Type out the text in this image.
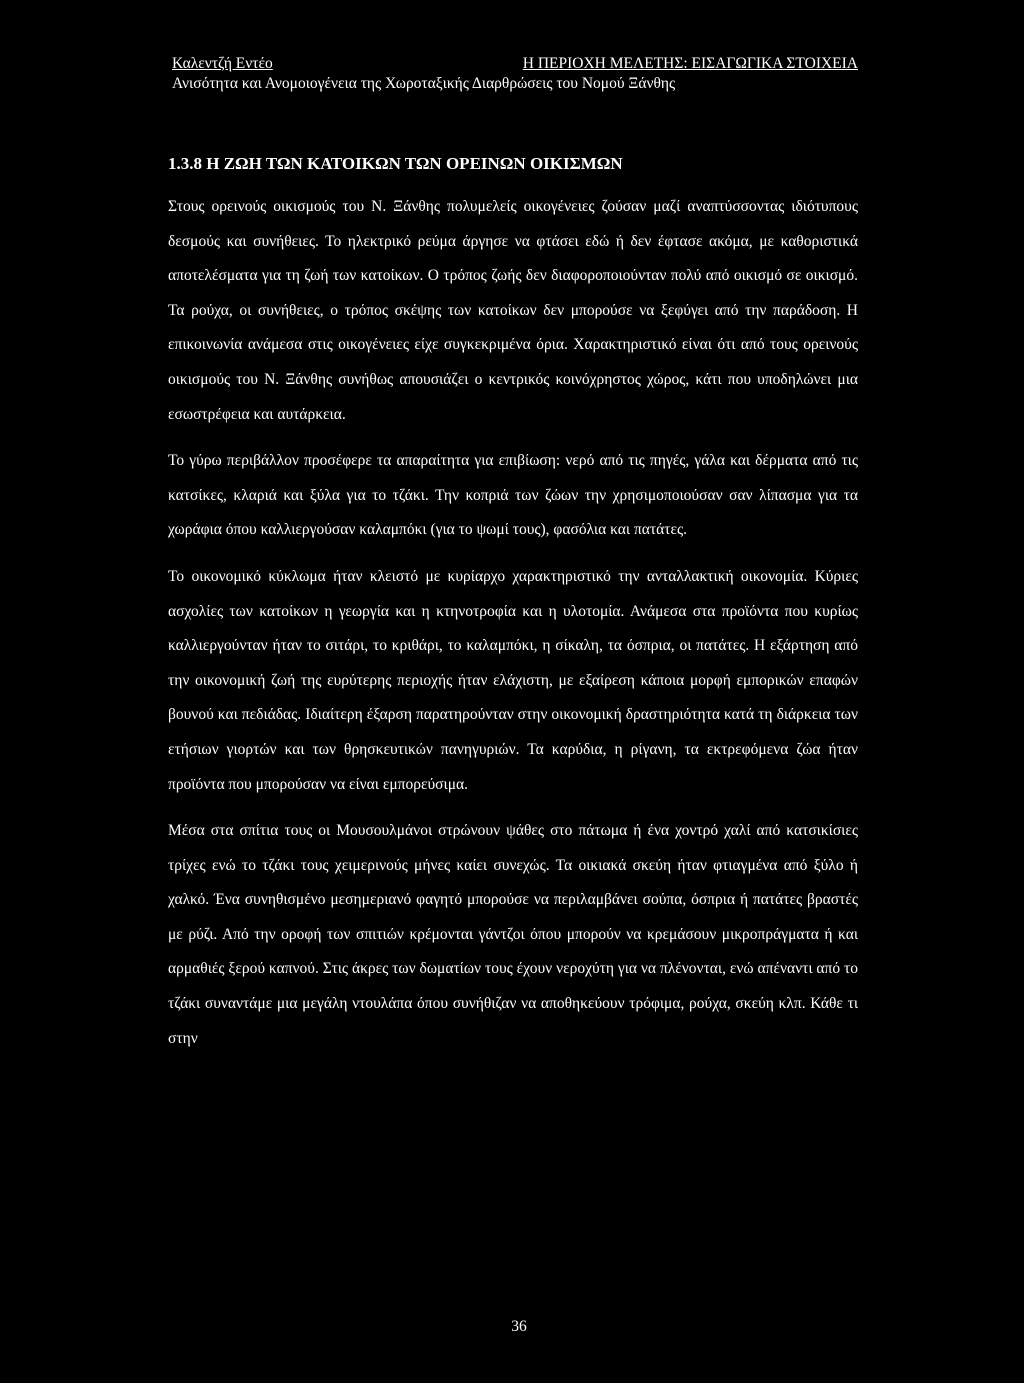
Καλεντζή Εντέο	Η ΠΕΡΙΟΧΗ ΜΕΛΕΤΗΣ: ΕΙΣΑΓΩΓΙΚΑ ΣΤΟΙΧΕΙΑ
Ανισότητα και Ανομοιογένεια της Χωροταξικής Διαρθρώσεις του Νομού Ξάνθης
1.3.8 Η ΖΩΗ ΤΩΝ ΚΑΤΟΙΚΩΝ ΤΩΝ ΟΡΕΙΝΩΝ ΟΙΚΙΣΜΩΝ

Στους ορεινούς οικισμούς του Ν. Ξάνθης πολυμελείς οικογένειες ζούσαν μαζί αναπτύσσοντας ιδιότυπους δεσμούς και συνήθειες. Το ηλεκτρικό ρεύμα άργησε να φτάσει εδώ ή δεν έφτασε ακόμα, με καθοριστικά αποτελέσματα για τη ζωή των κατοίκων. Ο τρόπος ζωής δεν διαφοροποιούνταν πολύ από οικισμό σε οικισμό. Τα ρούχα, οι συνήθειες, ο τρόπος σκέψης των κατοίκων δεν μπορούσε να ξεφύγει από την παράδοση. Η επικοινωνία ανάμεσα στις οικογένειες είχε συγκεκριμένα όρια. Χαρακτηριστικό είναι ότι από τους ορεινούς οικισμούς του Ν. Ξάνθης συνήθως απουσιάζει ο κεντρικός κοινόχρηστος χώρος, κάτι που υποδηλώνει μια εσωστρέφεια και αυτάρκεια.

Το γύρω περιβάλλον προσέφερε τα απαραίτητα για επιβίωση: νερό από τις πηγές, γάλα και δέρματα από τις κατσίκες, κλαριά και ξύλα για το τζάκι. Την κοπριά των ζώων την χρησιμοποιούσαν σαν λίπασμα για τα χωράφια όπου καλλιεργούσαν καλαμπόκι (για το ψωμί τους), φασόλια και πατάτες.

Το οικονομικό κύκλωμα ήταν κλειστό με κυρίαρχο χαρακτηριστικό την ανταλλακτική οικονομία. Κύριες ασχολίες των κατοίκων η γεωργία και η κτηνοτροφία και η υλοτομία. Ανάμεσα στα προϊόντα που κυρίως καλλιεργούνταν ήταν το σιτάρι, το κριθάρι, το καλαμπόκι, η σίκαλη, τα όσπρια, οι πατάτες. Η εξάρτηση από την οικονομική ζωή της ευρύτερης περιοχής ήταν ελάχιστη, με εξαίρεση κάποια μορφή εμπορικών επαφών βουνού και πεδιάδας. Ιδιαίτερη έξαρση παρατηρούνταν στην οικονομική δραστηριότητα κατά τη διάρκεια των ετήσιων γιορτών και των θρησκευτικών πανηγυριών. Τα καρύδια, η ρίγανη, τα εκτρεφόμενα ζώα ήταν προϊόντα που μπορούσαν να είναι εμπορεύσιμα.

Μέσα στα σπίτια τους οι Μουσουλμάνοι στρώνουν ψάθες στο πάτωμα ή ένα χοντρό χαλί από κατσικίσιες τρίχες ενώ το τζάκι τους χειμερινούς μήνες καίει συνεχώς. Τα οικιακά σκεύη ήταν φτιαγμένα από ξύλο ή χαλκό. Ένα συνηθισμένο μεσημεριανό φαγητό μπορούσε να περιλαμβάνει σούπα, όσπρια ή πατάτες βραστές με ρύζι. Από την οροφή των σπιτιών κρέμονται γάντζοι όπου μπορούν να κρεμάσουν μικροπράγματα ή και αρμαθιές ξερού καπνού. Στις άκρες των δωματίων τους έχουν νεροχύτη για να πλένονται, ενώ απέναντι από το τζάκι συναντάμε μια μεγάλη ντουλάπα όπου συνήθιζαν να αποθηκεύουν τρόφιμα, ρούχα, σκεύη κλπ. Κάθε τι στην

36
